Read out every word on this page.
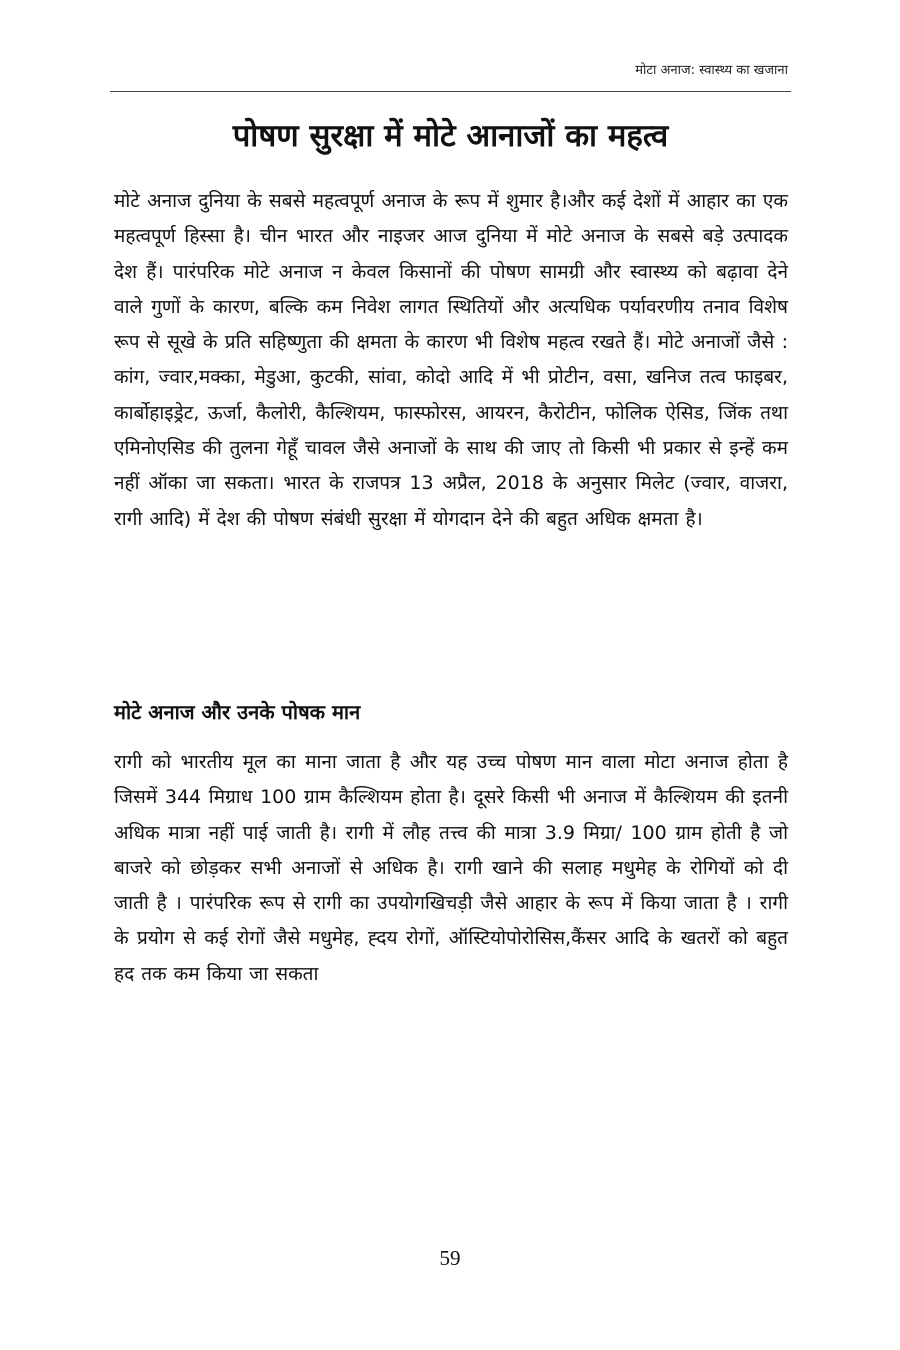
मोटा अनाज: स्वास्थ्य का खजाना
पोषण सुरक्षा में मोटे आनाजों का महत्व

मोटे अनाज दुनिया के सबसे महत्वपूर्ण अनाज के रूप में शुमार है।और कई देशों में आहार का एक महत्वपूर्ण हिस्सा है। चीन भारत और नाइजर आज दुनिया में मोटे अनाज के सबसे बड़े उत्पादक देश हैं। पारंपरिक मोटे अनाज न केवल किसानों की पोषण सामग्री और स्वास्थ्य को बढ़ावा देने वाले गुणों के कारण, बल्कि कम निवेश लागत स्थितियों और अत्यधिक पर्यावरणीय तनाव विशेष रूप से सूखे के प्रति सहिष्णुता की क्षमता के कारण भी विशेष महत्व रखते हैं। मोटे अनाजों जैसे : कांग, ज्वार,मक्का, मेडुआ, कुटकी, सांवा, कोदो आदि में भी प्रोटीन, वसा, खनिज तत्व फाइबर, कार्बोहाइड्रेट, ऊर्जा, कैलोरी, कैल्शियम, फास्फोरस, आयरन, कैरोटीन, फोलिक ऐसिड, जिंक तथा एमिनोएसिड की तुलना गेहूँ चावल जैसे अनाजों के साथ की जाए तो किसी भी प्रकार से इन्हें कम नहीं ऑका जा सकता। भारत के राजपत्र 13 अप्रैल, 2018 के अनुसार मिलेट (ज्वार, वाजरा, रागी आदि) में देश की पोषण संबंधी सुरक्षा में योगदान देने की बहुत अधिक क्षमता है।

मोटे अनाज और उनके पोषक मान

रागी को भारतीय मूल का माना जाता है और यह उच्च पोषण मान वाला मोटा अनाज होता है जिसमें 344 मिग्राध 100 ग्राम कैल्शियम होता है। दूसरे किसी भी अनाज में कैल्शियम की इतनी अधिक मात्रा नहीं पाई जाती है। रागी में लौह तत्त्व की मात्रा 3.9 मिग्रा/ 100 ग्राम होती है जो बाजरे को छोड़कर सभी अनाजों से अधिक है। रागी खाने की सलाह मधुमेह के रोगियों को दी जाती है । पारंपरिक रूप से रागी का उपयोगखिचड़ी जैसे आहार के रूप में किया जाता है । रागी के प्रयोग से कई रोगों जैसे मधुमेह, ह्दय रोगों, ऑस्टियोपोरोसिस,कैंसर आदि के खतरों को बहुत हद तक कम किया जा सकता

59
